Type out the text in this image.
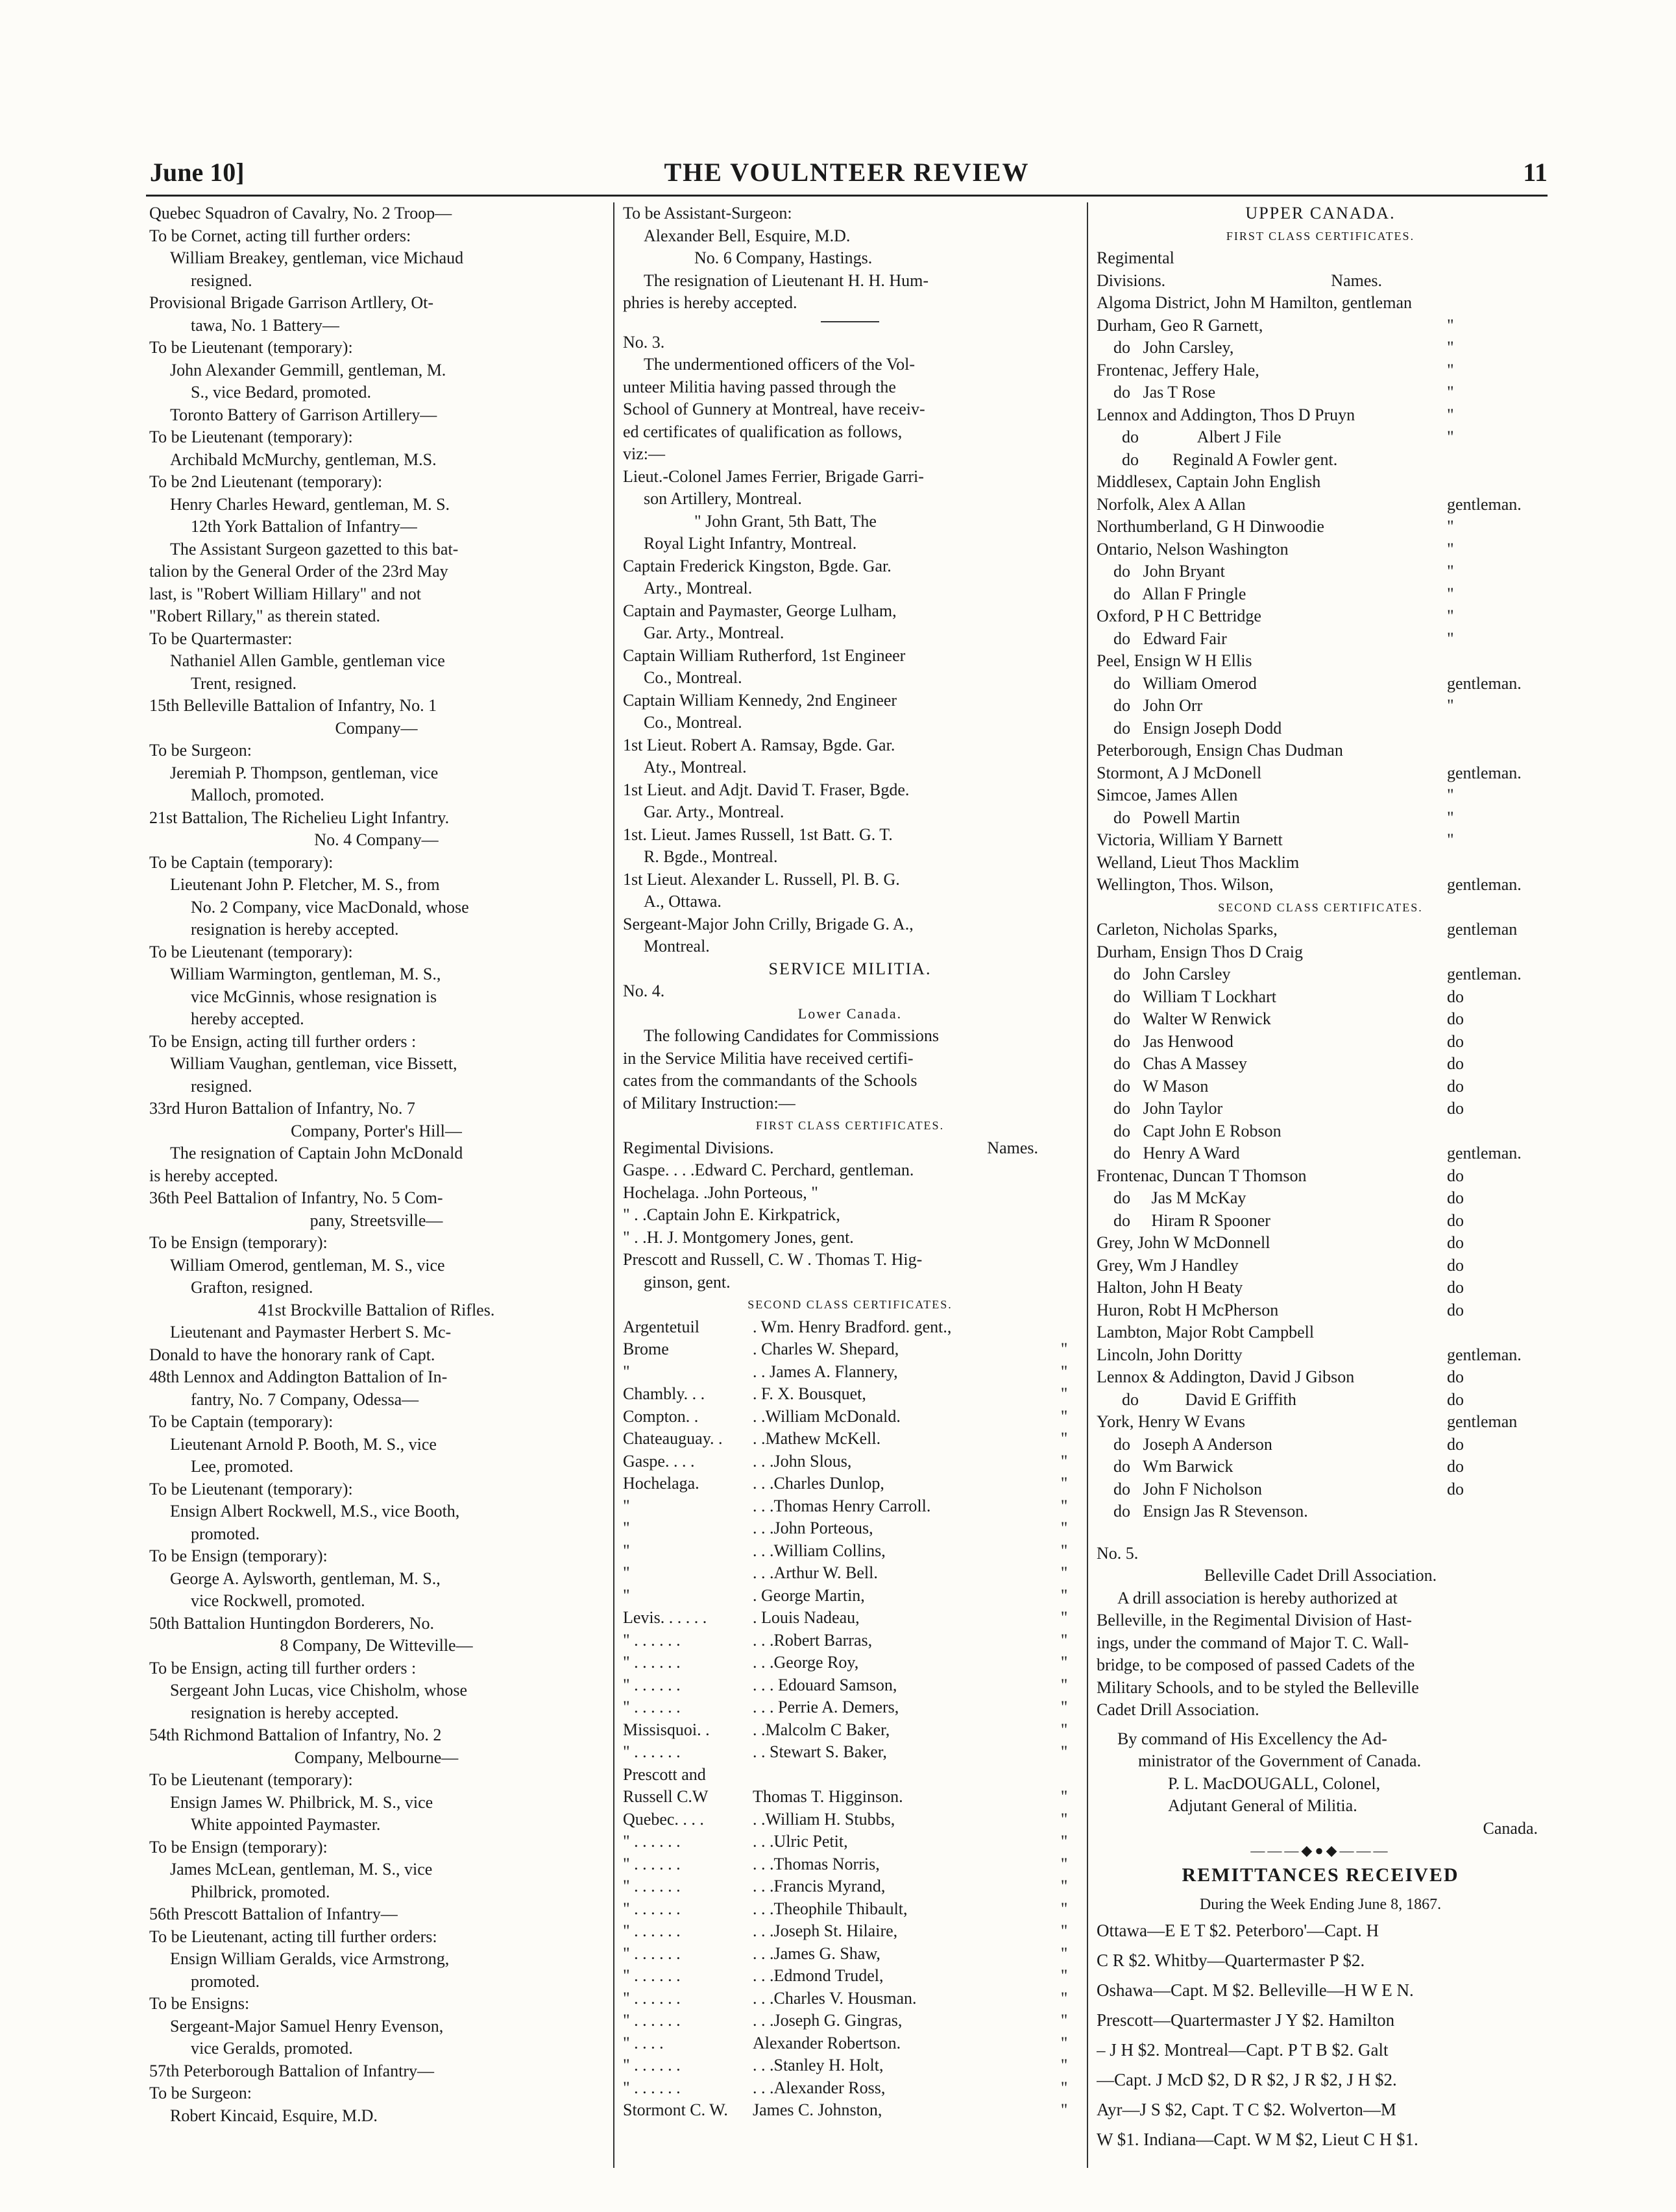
June 10]	THE VOULNTEER REVIEW	11
Quebec Squadron of Cavalry, No. 2 Troop—
To be Cornet, acting till further orders:
William Breakey, gentleman, vice Michaud
resigned.
Provisional Brigade Garrison Artllery, Ot-
tawa, No. 1 Battery—
To be Lieutenant (temporary):
John Alexander Gemmill, gentleman, M.
S., vice Bedard, promoted.
Toronto Battery of Garrison Artillery—
To be Lieutenant (temporary):
Archibald McMurchy, gentleman, M.S.
To be 2nd Lieutenant (temporary):
Henry Charles Heward, gentleman, M. S.
12th York Battalion of Infantry—
The Assistant Surgeon gazetted to this bat-
talion by the General Order of the 23rd May
last, is "Robert William Hillary" and not
"Robert Rillary," as therein stated.
To be Quartermaster:
Nathaniel Allen Gamble, gentleman vice
Trent, resigned.
15th Belleville Battalion of Infantry, No. 1
Company—
To be Surgeon:
Jeremiah P. Thompson, gentleman, vice
Malloch, promoted.
21st Battalion, The Richelieu Light Infantry.
No. 4 Company—
To be Captain (temporary):
Lieutenant John P. Fletcher, M. S., from
No. 2 Company, vice MacDonald, whose
resignation is hereby accepted.
To be Lieutenant (temporary):
William Warmington, gentleman, M. S.,
vice McGinnis, whose resignation is
hereby accepted.
To be Ensign, acting till further orders :
William Vaughan, gentleman, vice Bissett,
resigned.
33rd Huron Battalion of Infantry, No. 7
Company, Porter's Hill—
The resignation of Captain John McDonald
is hereby accepted.
36th Peel Battalion of Infantry, No. 5 Com-
pany, Streetsville—
To be Ensign (temporary):
William Omerod, gentleman, M. S., vice
Grafton, resigned.
41st Brockville Battalion of Rifles.
Lieutenant and Paymaster Herbert S. Mc-
Donald to have the honorary rank of Capt.
48th Lennox and Addington Battalion of In-
fantry, No. 7 Company, Odessa—
To be Captain (temporary):
Lieutenant Arnold P. Booth, M. S., vice
Lee, promoted.
To be Lieutenant (temporary):
Ensign Albert Rockwell, M.S., vice Booth,
promoted.
To be Ensign (temporary):
George A. Aylsworth, gentleman, M. S.,
vice Rockwell, promoted.
50th Battalion Huntingdon Borderers, No.
8 Company, De Witteville—
To be Ensign, acting till further orders :
Sergeant John Lucas, vice Chisholm, whose
resignation is hereby accepted.
54th Richmond Battalion of Infantry, No. 2
Company, Melbourne—
To be Lieutenant (temporary):
Ensign James W. Philbrick, M. S., vice
White appointed Paymaster.
To be Ensign (temporary):
James McLean, gentleman, M. S., vice
Philbrick, promoted.
56th Prescott Battalion of Infantry—
To be Lieutenant, acting till further orders:
Ensign William Geralds, vice Armstrong,
promoted.
To be Ensigns:
Sergeant-Major Samuel Henry Evenson,
vice Geralds, promoted.
57th Peterborough Battalion of Infantry—
To be Surgeon:
Robert Kincaid, Esquire, M.D.
To be Assistant-Surgeon:
Alexander Bell, Esquire, M.D.
No. 6 Company, Hastings.
The resignation of Lieutenant H. H. Hum-
phries is hereby accepted.
No. 3.
The undermentioned officers of the Vol-
unteer Militia having passed through the
School of Gunnery at Montreal, have receiv-
ed certificates of qualification as follows,
viz:—
Lieut.-Colonel James Ferrier, Brigade Garri-
son Artillery, Montreal.
" John Grant, 5th Batt, The
Royal Light Infantry, Montreal.
Captain Frederick Kingston, Bgde. Gar.
Arty., Montreal.
Captain and Paymaster, George Lulham,
Gar. Arty., Montreal.
Captain William Rutherford, 1st Engineer
Co., Montreal.
Captain William Kennedy, 2nd Engineer
Co., Montreal.
1st Lieut. Robert A. Ramsay, Bgde. Gar.
Aty., Montreal.
1st Lieut. and Adjt. David T. Fraser, Bgde.
Gar. Arty., Montreal.
1st. Lieut. James Russell, 1st Batt. G. T.
R. Bgde., Montreal.
1st Lieut. Alexander L. Russell, Pl. B. G.
A., Ottawa.
Sergeant-Major John Crilly, Brigade G. A.,
Montreal.
SERVICE MILITIA.
No. 4.
Lower Canada.
The following Candidates for Commissions
in the Service Militia have received certifi-
cates from the commandants of the Schools
of Military Instruction:—
FIRST CLASS CERTIFICATES.
Regimental Divisions.	Names.
Gaspe. . . .Edward C. Perchard, gentleman.
Hochelaga. .John Porteous, "
" . .Captain John E. Kirkpatrick,
" . .H. J. Montgomery Jones, gent.
Prescott and Russell, C. W . Thomas T. Hig-
ginson, gent.
SECOND CLASS CERTIFICATES.
Argentetuil	. Wm. Henry Bradford. gent.,
Brome	. Charles W. Shepard,	"
"	. . James A. Flannery,	"
Chambly. . .	. F. X. Bousquet,	"
Compton. .	. .William McDonald.	"
Chateauguay. .	. .Mathew McKell.	"
Gaspe. . . .	. . .John Slous,	"
Hochelaga.	. . .Charles Dunlop,	"
"	. . .Thomas Henry Carroll.	"
"	. . .John Porteous,	"
"	. . .William Collins,	"
"	. . .Arthur W. Bell.	"
"	. George Martin,	"
Levis. . . . . .	. Louis Nadeau,	"
" . . . . . .	. . .Robert Barras,	"
" . . . . . .	. . .George Roy,	"
" . . . . . .	. . . Edouard Samson,	"
" . . . . . .	. . . Perrie A. Demers,	"
Missisquoi. .	. .Malcolm C Baker,	"
" . . . . . .	. . Stewart S. Baker,	"
Prescott and
Russell C.W	Thomas T. Higginson.	"
Quebec. . . .	. .William H. Stubbs,	"
" . . . . . .	. . .Ulric Petit,	"
" . . . . . .	. . .Thomas Norris,	"
" . . . . . .	. . .Francis Myrand,	"
" . . . . . .	. . .Theophile Thibault,	"
" . . . . . .	. . .Joseph St. Hilaire,	"
" . . . . . .	. . .James G. Shaw,	"
" . . . . . .	. . .Edmond Trudel,	"
" . . . . . .	. . .Charles V. Housman.	"
" . . . . . .	. . .Joseph G. Gingras,	"
" . . . .	Alexander Robertson.	"
" . . . . . .	. . .Stanley H. Holt,	"
" . . . . . .	. . .Alexander Ross,	"
Stormont C. W.	James C. Johnston,	"
UPPER CANADA.
FIRST CLASS CERTIFICATES.
Regimental
Divisions.	Names.
Algoma District, John M Hamilton, gentleman
Durham, Geo R Garnett,	"
do   John Carsley,	"
Frontenac, Jeffery Hale,	"
do   Jas T Rose	"
Lennox and Addington, Thos D Pruyn	"
do              Albert J File	"
do        Reginald A Fowler gent.
Middlesex, Captain John English
Norfolk, Alex A Allan	gentleman.
Northumberland, G H Dinwoodie	"
Ontario, Nelson Washington	"
do   John Bryant	"
do   Allan F Pringle	"
Oxford, P H C Bettridge	"
do   Edward Fair	"
Peel, Ensign W H Ellis
do   William Omerod	gentleman.
do   John Orr	"
do   Ensign Joseph Dodd
Peterborough, Ensign Chas Dudman
Stormont, A J McDonell	gentleman.
Simcoe, James Allen	"
do   Powell Martin	"
Victoria, William Y Barnett	"
Welland, Lieut Thos Macklim
Wellington, Thos. Wilson,	gentleman.
SECOND CLASS CERTIFICATES.
Carleton, Nicholas Sparks,	gentleman
Durham, Ensign Thos D Craig
do   John Carsley	gentleman.
do   William T Lockhart	do
do   Walter W Renwick	do
do   Jas Henwood	do
do   Chas A Massey	do
do   W Mason	do
do   John Taylor	do
do   Capt John E Robson
do   Henry A Ward	gentleman.
Frontenac, Duncan T Thomson	do
do     Jas M McKay	do
do     Hiram R Spooner	do
Grey, John W McDonnell	do
Grey, Wm J Handley	do
Halton, John H Beaty	do
Huron, Robt H McPherson	do
Lambton, Major Robt Campbell
Lincoln, John Doritty	gentleman.
Lennox & Addington, David J Gibson	do
do           David E Griffith	do
York, Henry W Evans	gentleman
do   Joseph A Anderson	do
do   Wm Barwick	do
do   John F Nicholson	do
do   Ensign Jas R Stevenson.
No. 5.
Belleville Cadet Drill Association.
A drill association is hereby authorized at
Belleville, in the Regimental Division of Hast-
ings, under the command of Major T. C. Wall-
bridge, to be composed of passed Cadets of the
Military Schools, and to be styled the Belleville
Cadet Drill Association.
By command of His Excellency the Ad-
ministrator of the Government of Canada.
P. L. MacDOUGALL, Colonel,
Adjutant General of Militia.
Canada.
———◆●◆———
REMITTANCES RECEIVED
During the Week Ending June 8, 1867.
Ottawa—E E T $2. Peterboro'—Capt. H
C R $2. Whitby—Quartermaster P $2.
Oshawa—Capt. M $2. Belleville—H W E N.
Prescott—Quartermaster J Y $2. Hamilton
– J H $2. Montreal—Capt. P T B $2. Galt
—Capt. J McD $2, D R $2, J R $2, J H $2.
Ayr—J S $2, Capt. T C $2. Wolverton—M
W $1. Indiana—Capt. W M $2, Lieut C H $1.
